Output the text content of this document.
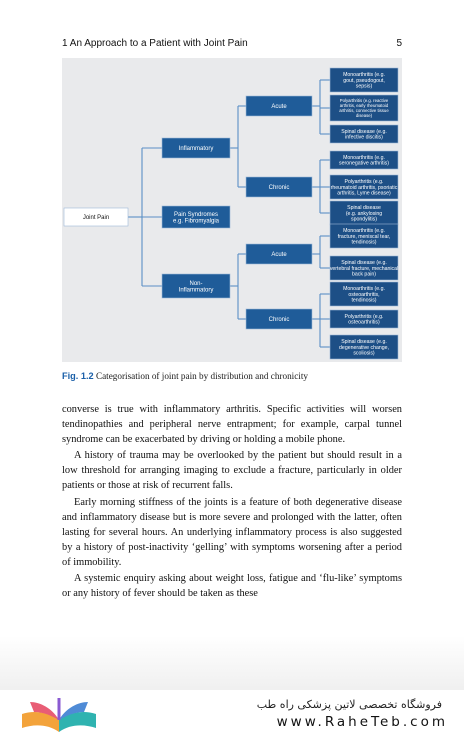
1 An Approach to a Patient with Joint Pain	5
Joint Pain
Inflammatory
Pain Syndromes
e.g. Fibromyalgia
Non-
Inflammatory
Acute
Chronic
Acute
Chronic
Monoarthritis (e.g.
gout, pseudogout,
sepsis)
Polyarthritis (e.g. reactive
arthritis, early rheumatoid
arthritis, connective tissue
disease)
Spinal disease (e.g.
infective discitis)
Monoarthritis (e.g.
seronegative arthritis)
Polyarthritis (e.g.
rheumatoid arthritis, psoriatic
arthritis, Lyme disease)
Spinal disease
(e.g. ankylosing
spondylitis)
Monoarthritis (e.g.
fracture, meniscal tear,
tendinosis)
Spinal disease (e.g.
vertebral fracture, mechanical
back pain)
Monoarthritis (e.g.
osteoarthritis,
tendinosis)
Polyarthritis (e.g.
osteoarthritis)
Spinal disease (e.g.
degenerative change,
scoliosis)
Fig. 1.2 Categorisation of joint pain by distribution and chronicity

converse is true with inflammatory arthritis. Specific activities will worsen tendinopathies and peripheral nerve entrapment; for example, carpal tunnel syndrome can be exacerbated by driving or holding a mobile phone.

A history of trauma may be overlooked by the patient but should result in a low threshold for arranging imaging to exclude a fracture, particularly in older patients or those at risk of recurrent falls.

Early morning stiffness of the joints is a feature of both degenerative disease and inflammatory disease but is more severe and prolonged with the latter, often lasting for several hours. An underlying inflammatory process is also suggested by a history of post-inactivity ‘gelling’ with symptoms worsening after a period of immobility.

A systemic enquiry asking about weight loss, fatigue and ‘flu-like’ symptoms or any history of fever should be taken as these

فروشگاه تخصصی لاتین پزشکی راه طب
www.RaheTeb.com
